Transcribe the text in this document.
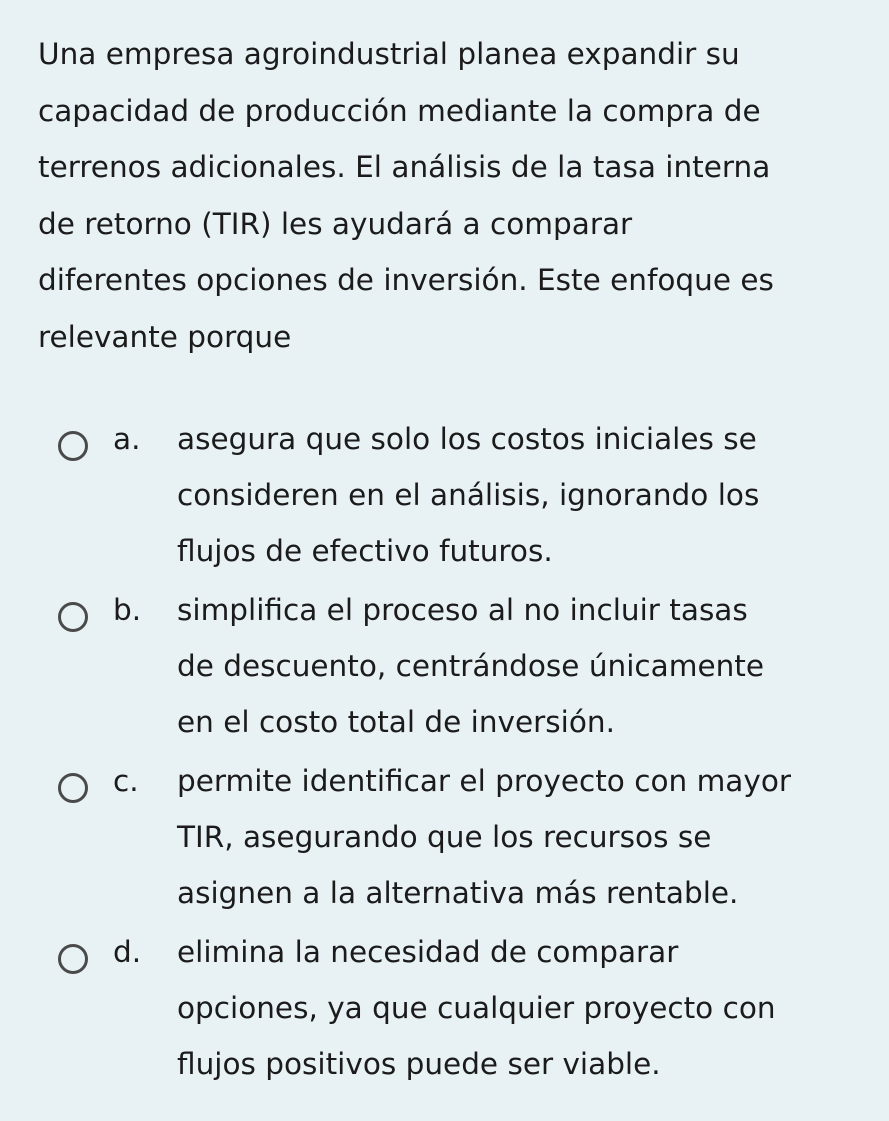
Una empresa agroindustrial planea expandir su
capacidad de producción mediante la compra de
terrenos adicionales. El análisis de la tasa interna
de retorno (TIR) les ayudará a comparar
diferentes opciones de inversión. Este enfoque es
relevante porque

a. asegura que solo los costos iniciales se
consideren en el análisis, ignorando los
flujos de efectivo futuros.
b. simplifica el proceso al no incluir tasas
de descuento, centrándose únicamente
en el costo total de inversión.
c. permite identificar el proyecto con mayor
TIR, asegurando que los recursos se
asignen a la alternativa más rentable.
d. elimina la necesidad de comparar
opciones, ya que cualquier proyecto con
flujos positivos puede ser viable.
